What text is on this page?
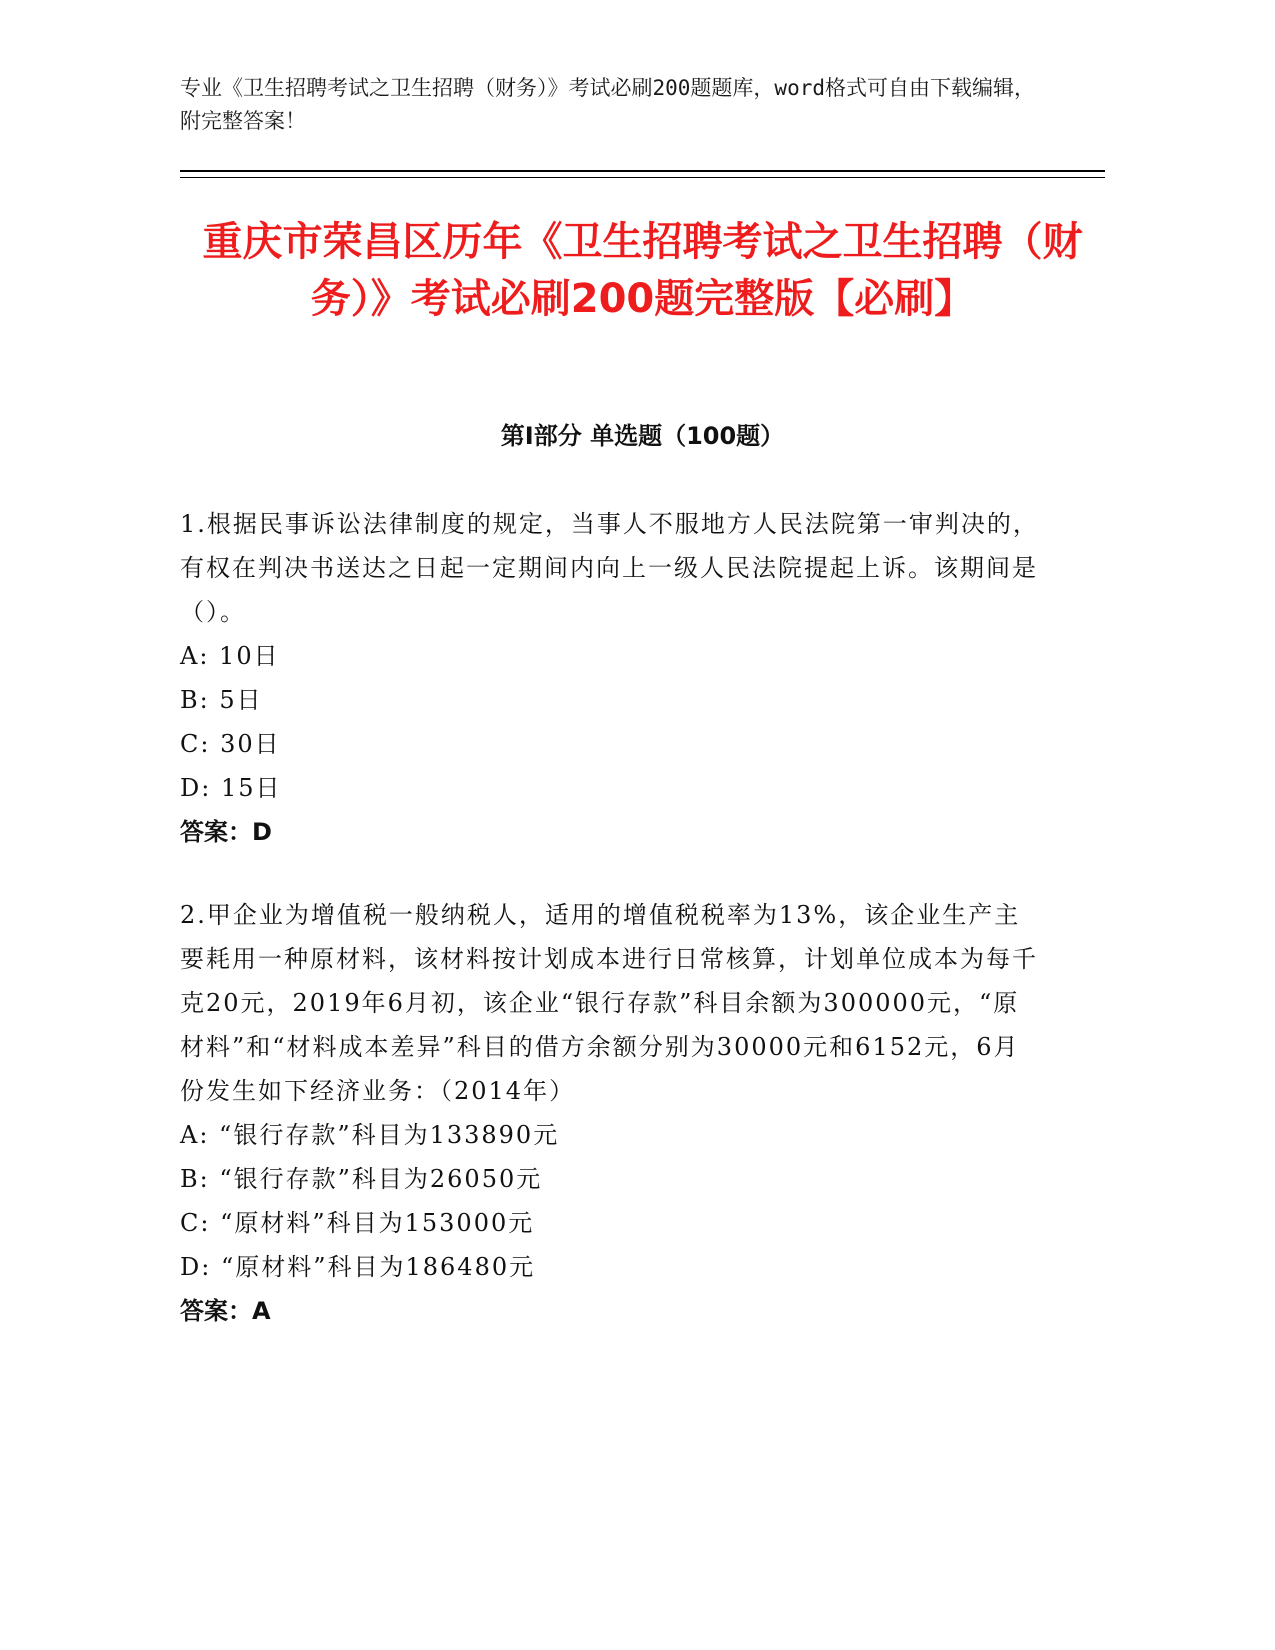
专业《卫生招聘考试之卫生招聘（财务）》考试必刷200题题库，word格式可自由下载编辑，附完整答案！
重庆市荣昌区历年《卫生招聘考试之卫生招聘（财务）》考试必刷200题完整版【必刷】
第I部分 单选题（100题）

1.根据民事诉讼法律制度的规定，当事人不服地方人民法院第一审判决的，有权在判决书送达之日起一定期间内向上一级人民法院提起上诉。该期间是（）。

A: 10日

B: 5日

C: 30日

D: 15日

答案：D

2.甲企业为增值税一般纳税人，适用的增值税税率为13%，该企业生产主要耗用一种原材料，该材料按计划成本进行日常核算，计划单位成本为每千克20元，2019年6月初，该企业“银行存款”科目余额为300000元，“原材料”和“材料成本差异”科目的借方余额分别为30000元和6152元，6月份发生如下经济业务：（2014年）

A: “银行存款”科目为133890元

B: “银行存款”科目为26050元

C: “原材料”科目为153000元

D: “原材料”科目为186480元

答案：A
